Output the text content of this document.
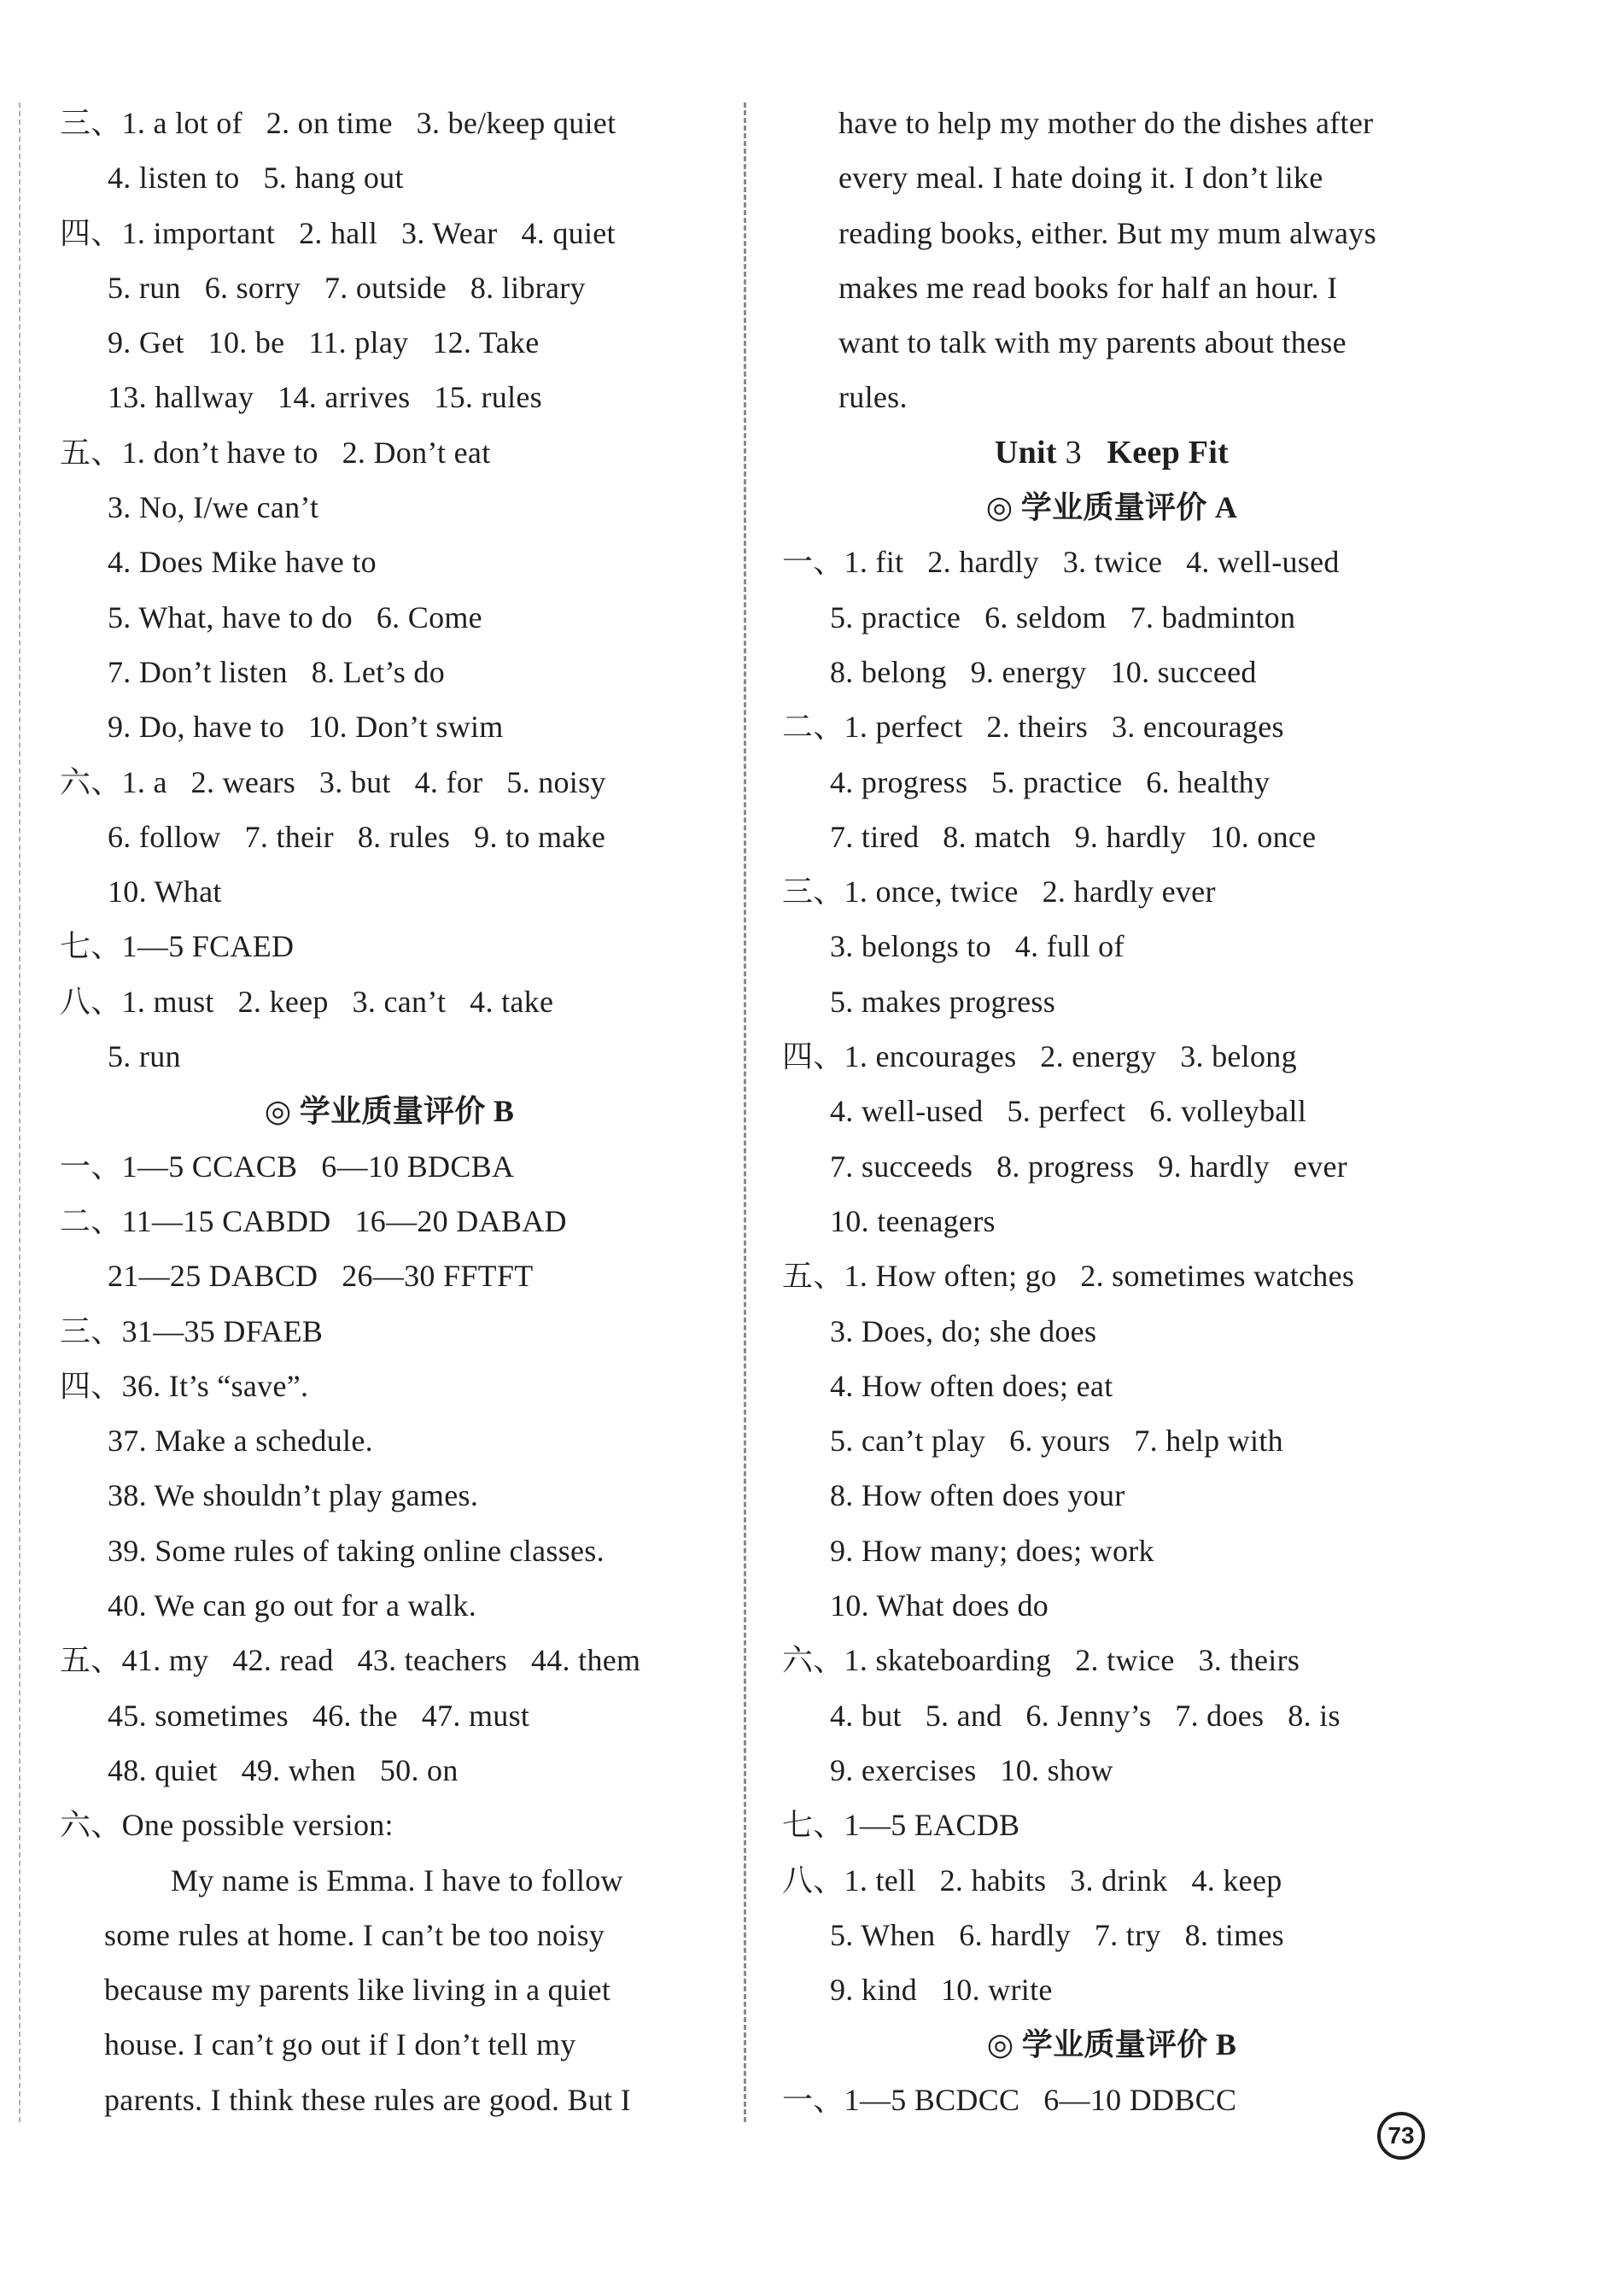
三、1. a lot of   2. on time   3. be/keep quiet
4. listen to   5. hang out
四、1. important   2. hall   3. Wear   4. quiet
5. run   6. sorry   7. outside   8. library
9. Get   10. be   11. play   12. Take
13. hallway   14. arrives   15. rules
五、1. don’t have to   2. Don’t eat
3. No, I/we can’t
4. Does Mike have to
5. What, have to do   6. Come
7. Don’t listen   8. Let’s do
9. Do, have to   10. Don’t swim
六、1. a   2. wears   3. but   4. for   5. noisy
6. follow   7. their   8. rules   9. to make
10. What
七、1—5 FCAED
八、1. must   2. keep   3. can’t   4. take
5. run
◎ 学业质量评价 B
一、1—5 CCACB   6—10 BDCBA
二、11—15 CABDD   16—20 DABAD
21—25 DABCD   26—30 FFTFT
三、31—35 DFAEB
四、36. It’s “save”.
37. Make a schedule.
38. We shouldn’t play games.
39. Some rules of taking online classes.
40. We can go out for a walk.
五、41. my   42. read   43. teachers   44. them
45. sometimes   46. the   47. must
48. quiet   49. when   50. on
六、One possible version:
My name is Emma. I have to follow
some rules at home. I can’t be too noisy
because my parents like living in a quiet
house. I can’t go out if I don’t tell my
parents. I think these rules are good. But I
have to help my mother do the dishes after
every meal. I hate doing it. I don’t like
reading books, either. But my mum always
makes me read books for half an hour. I
want to talk with my parents about these
rules.
Unit 3   Keep Fit
◎ 学业质量评价 A
一、1. fit   2. hardly   3. twice   4. well-used
5. practice   6. seldom   7. badminton
8. belong   9. energy   10. succeed
二、1. perfect   2. theirs   3. encourages
4. progress   5. practice   6. healthy
7. tired   8. match   9. hardly   10. once
三、1. once, twice   2. hardly ever
3. belongs to   4. full of
5. makes progress
四、1. encourages   2. energy   3. belong
4. well-used   5. perfect   6. volleyball
7. succeeds   8. progress   9. hardly   ever
10. teenagers
五、1. How often; go   2. sometimes watches
3. Does, do; she does
4. How often does; eat
5. can’t play   6. yours   7. help with
8. How often does your
9. How many; does; work
10. What does do
六、1. skateboarding   2. twice   3. theirs
4. but   5. and   6. Jenny’s   7. does   8. is
9. exercises   10. show
七、1—5 EACDB
八、1. tell   2. habits   3. drink   4. keep
5. When   6. hardly   7. try   8. times
9. kind   10. write
◎ 学业质量评价 B
一、1—5 BCDCC   6—10 DDBCC
73
